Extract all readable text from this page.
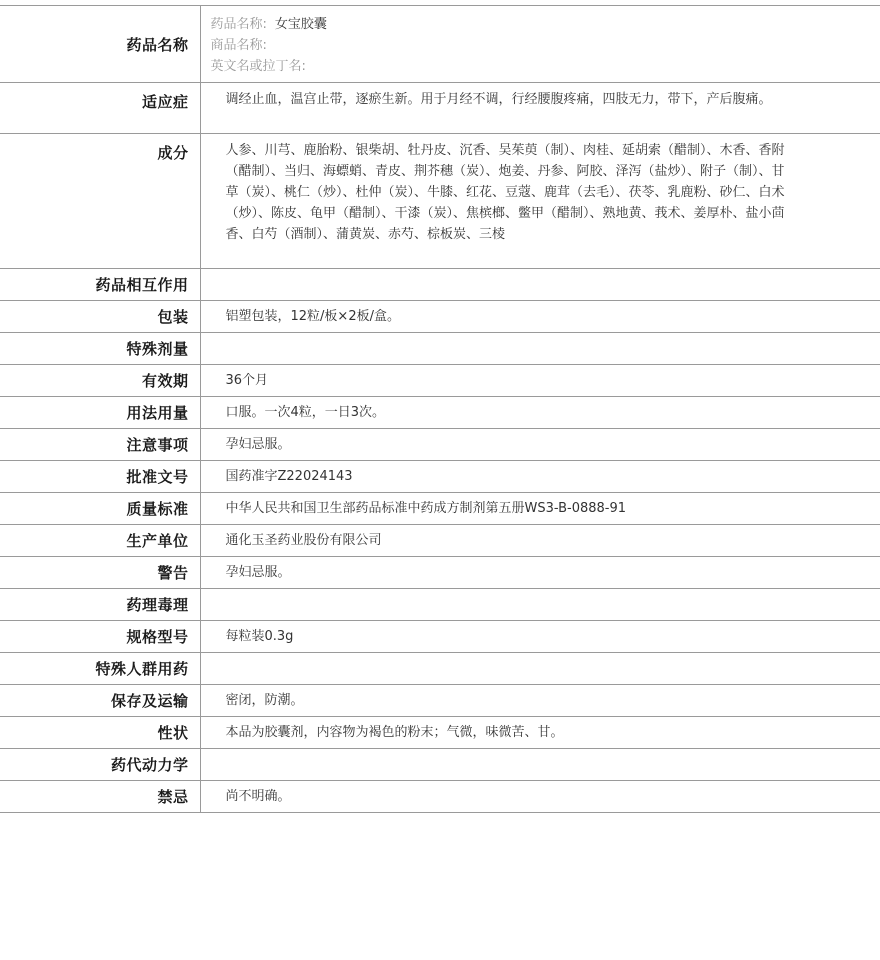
药品名称	药品名称: 女宝胶囊
商品名称:
英文名或拉丁名:

适应症	调经止血，温宫止带，逐瘀生新。用于月经不调，行经腰腹疼痛，四肢无力，带下，产后腹痛。
成分	人参、川芎、鹿胎粉、银柴胡、牡丹皮、沉香、吴茱萸（制）、肉桂、延胡索（醋制）、木香、香附（醋制）、当归、海螵蛸、青皮、荆芥穗（炭）、炮姜、丹参、阿胶、泽泻（盐炒）、附子（制）、甘草（炭）、桃仁（炒）、杜仲（炭）、牛膝、红花、豆蔻、鹿茸（去毛）、茯苓、乳鹿粉、砂仁、白术（炒）、陈皮、龟甲（醋制）、干漆（炭）、焦槟榔、鳖甲（醋制）、熟地黄、莪术、姜厚朴、盐小茴香、白芍（酒制）、蒲黄炭、赤芍、棕板炭、三棱
药品相互作用	
包装	铝塑包装，12粒/板×2板/盒。
特殊剂量	
有效期	36个月
用法用量	口服。一次4粒，一日3次。
注意事项	孕妇忌服。
批准文号	国药准字Z22024143
质量标准	中华人民共和国卫生部药品标准中药成方制剂第五册WS3-B-0888-91
生产单位	通化玉圣药业股份有限公司
警告	孕妇忌服。
药理毒理	
规格型号	每粒装0.3g
特殊人群用药	
保存及运输	密闭，防潮。
性状	本品为胶囊剂，内容物为褐色的粉末；气微，味微苦、甘。
药代动力学	
禁忌	尚不明确。
